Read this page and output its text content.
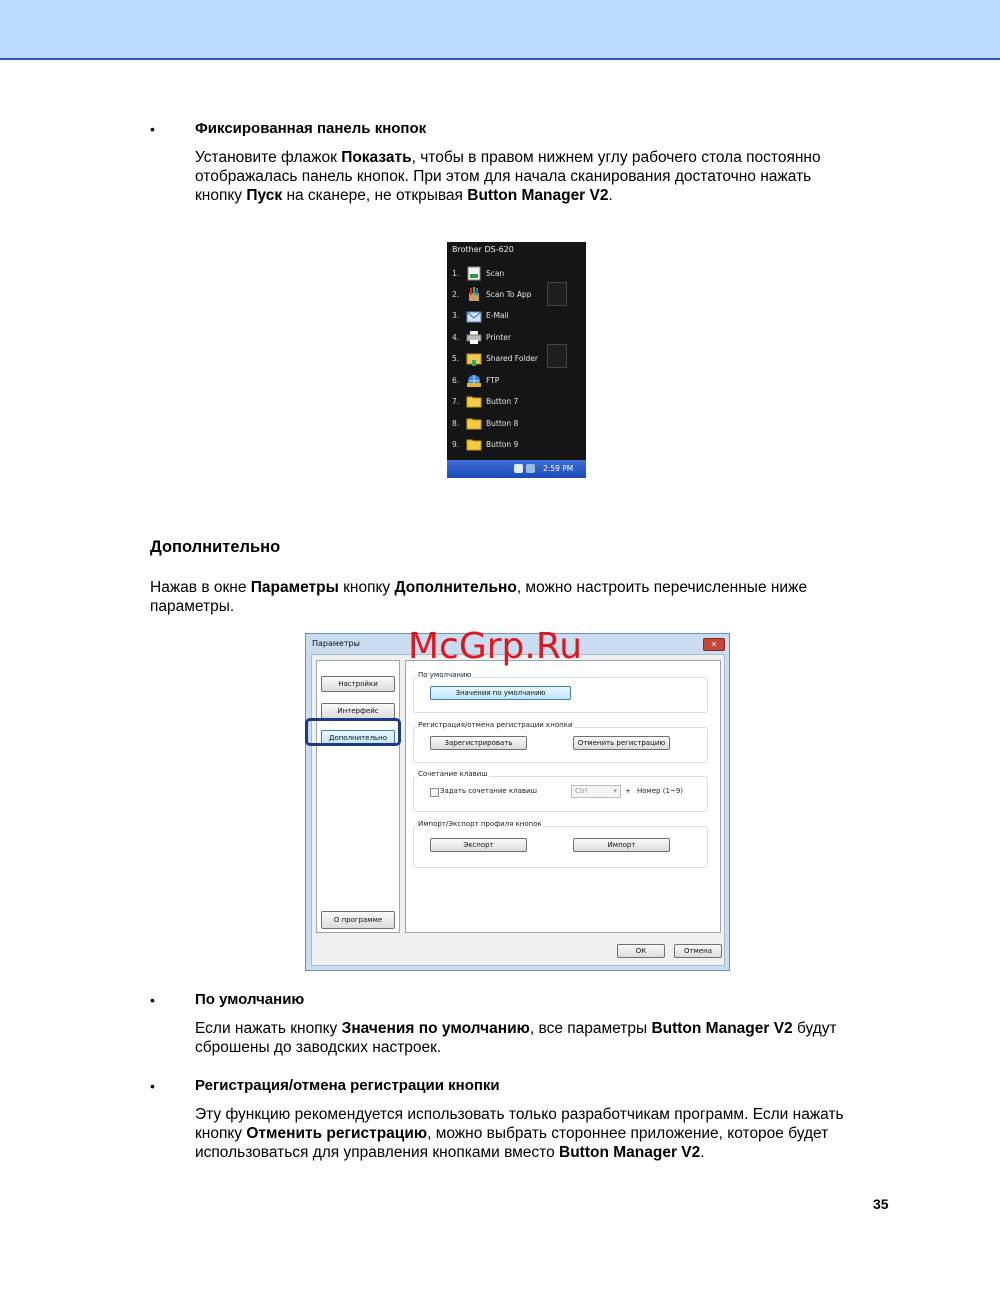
•	Фиксированная панель кнопок
Установите флажок Показать, чтобы в правом нижнем углу рабочего стола постоянно
отображалась панель кнопок. При этом для начала сканирования достаточно нажать
кнопку Пуск на сканере, не открывая Button Manager V2.
Brother DS-620
1.	Scan
2.	Scan To App
3.	E-Mail
4.	Printer
5.	Shared Folder
6.	FTP
7.	Button 7
8.	Button 8
9.	Button 9
2:59 PM
Дополнительно
Нажав в окне Параметры кнопку Дополнительно, можно настроить перечисленные ниже
параметры.
Параметры	✕
Настройки
Интерфейс
Дополнительно
О программе
По умолчанию
Значения по умолчанию
Регистрация/отмена регистрации кнопки
Зарегистрировать	Отменить регистрацию
Сочетание клавиш
Задать сочетание клавиш	Ctrl	▾ + Номер (1~9)
Импорт/Экспорт профиля кнопок
Экспорт	Импорт
ОК	Отмена
McGrp.Ru
•	По умолчанию
Если нажать кнопку Значения по умолчанию, все параметры Button Manager V2 будут
сброшены до заводских настроек.
•	Регистрация/отмена регистрации кнопки
Эту функцию рекомендуется использовать только разработчикам программ. Если нажать
кнопку Отменить регистрацию, можно выбрать стороннее приложение, которое будет
использоваться для управления кнопками вместо Button Manager V2.
35
